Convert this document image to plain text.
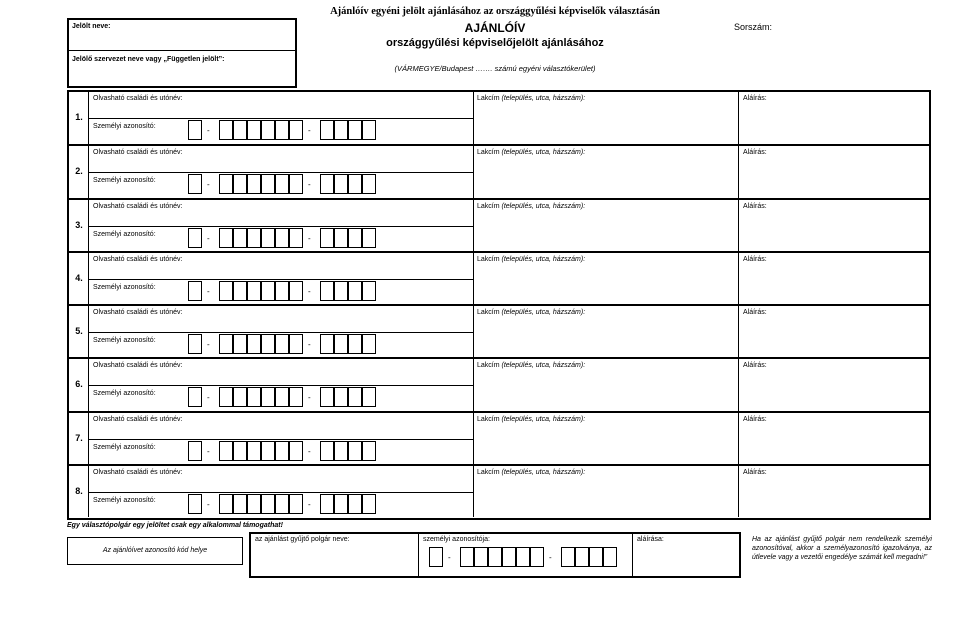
Jelölt neve:
Jelölő szervezet neve vagy „Független jelölt”:
Ajánlóív egyéni jelölt ajánlásához az országgyűlési képviselők választásán
AJÁNLÓÍV
országgyűlési képviselőjelölt ajánlásához
(VÁRMEGYE/Budapest ……. számú egyéni választókerület)
Sorszám:
1.
Olvasható családi és utónév:
Személyi azonosító:	-	-
Lakcím (település, utca, házszám):	Aláírás:
2.
Olvasható családi és utónév:
Személyi azonosító:	-	-
Lakcím (település, utca, házszám):	Aláírás:
3.
Olvasható családi és utónév:
Személyi azonosító:	-	-
Lakcím (település, utca, házszám):	Aláírás:
4.
Olvasható családi és utónév:
Személyi azonosító:	-	-
Lakcím (település, utca, házszám):	Aláírás:
5.
Olvasható családi és utónév:
Személyi azonosító:	-	-
Lakcím (település, utca, házszám):	Aláírás:
6.
Olvasható családi és utónév:
Személyi azonosító:	-	-
Lakcím (település, utca, házszám):	Aláírás:
7.
Olvasható családi és utónév:
Személyi azonosító:	-	-
Lakcím (település, utca, házszám):	Aláírás:
8.
Olvasható családi és utónév:
Személyi azonosító:	-	-
Lakcím (település, utca, házszám):	Aláírás:
Egy választópolgár egy jelöltet csak egy alkalommal támogathat!
Az ajánlóívet azonosító kód helye
az ajánlást gyűjtő polgár neve:	személyi azonosítója:
-	-
aláírása:	Ha az ajánlást gyűjtő polgár nem rendelkezik személyi azonosítóval, akkor a személyazonosító igazolványa, az útlevele vagy a vezetői engedélye számát kell megadni!”
